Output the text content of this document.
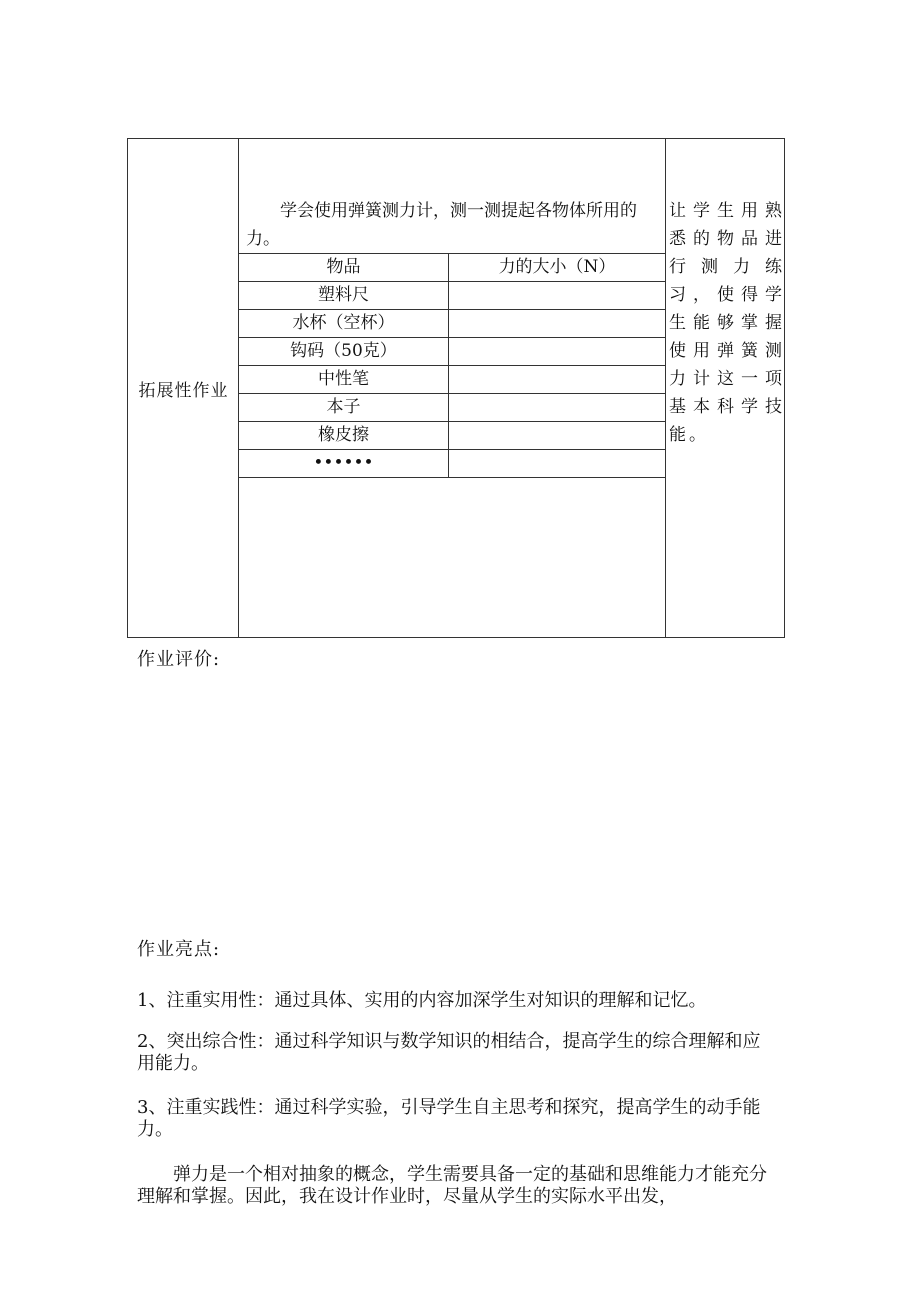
拓展性作业
学会使用弹簧测力计，测一测提起各物体所用的力。
物品	力的大小（N）
塑料尺	
水杯（空杯）	
钩码（50克）	
中性笔	
本子	
橡皮擦	
••••••	
让学生用熟悉的物品进行测力练习，使得学生能够掌握使用弹簧测力计这一项基本科学技能。
作业评价:
作业亮点:
1、注重实用性：通过具体、实用的内容加深学生对知识的理解和记忆。
2、突出综合性：通过科学知识与数学知识的相结合，提高学生的综合理解和应用能力。
3、注重实践性：通过科学实验，引导学生自主思考和探究，提高学生的动手能力。
弹力是一个相对抽象的概念，学生需要具备一定的基础和思维能力才能充分理解和掌握。因此，我在设计作业时，尽量从学生的实际水平出发，
